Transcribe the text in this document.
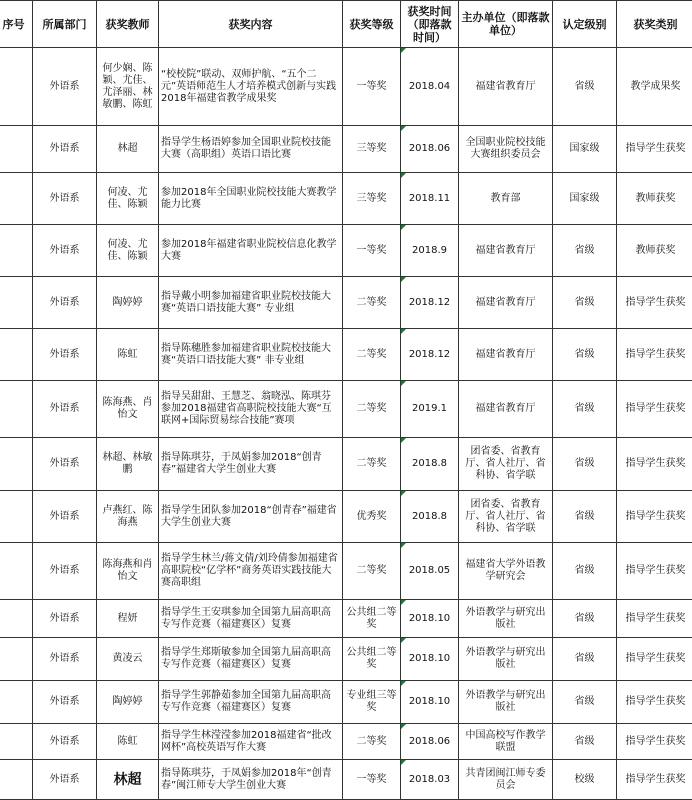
序号	所属部门	获奖教师	获奖内容	获奖等级	获奖时间（即落款时间）	主办单位（即落款单位）	认定级别	获奖类别
	外语系	何少娴、陈颖、尤佳、尤泽丽、林敏鹏、陈虹	“校校院”联动、双师护航、“五个二元”英语师范生人才培养模式创新与实践 2018年福建省教学成果奖	一等奖	2018.04	福建省教育厅	省级	教学成果奖
	外语系	林超	指导学生杨语婷参加全国职业院校技能大赛（高职组）英语口语比赛	三等奖	2018.06	全国职业院校技能大赛组织委员会	国家级	指导学生获奖
	外语系	何凌、尤佳、陈颖	参加2018年全国职业院校技能大赛教学能力比赛	三等奖	2018.11	教育部	国家级	教师获奖
	外语系	何凌、尤佳、陈颖	参加2018年福建省职业院校信息化教学大赛	一等奖	2018.9	福建省教育厅	省级	教师获奖
	外语系	陶婷婷	指导戴小明参加福建省职业院校技能大赛“英语口语技能大赛” 专业组	二等奖	2018.12	福建省教育厅	省级	指导学生获奖
	外语系	陈虹	指导陈穗胜参加福建省职业院校技能大赛“英语口语技能大赛” 非专业组	二等奖	2018.12	福建省教育厅	省级	指导学生获奖
	外语系	陈海燕、肖怡文	指导吴甜甜、王慧芝、翁晓泓、陈琪芬参加2018福建省高职院校技能大赛“互联网+国际贸易综合技能”赛项	二等奖	2019.1	福建省教育厅	省级	指导学生获奖
	外语系	林超、林敏鹏	指导陈琪芬，于凤娟参加2018“创青春”福建省大学生创业大赛	二等奖	2018.8	团省委、省教育厅、省人社厅、省科协、省学联	省级	指导学生获奖
	外语系	卢燕红、陈海燕	指导学生团队参加2018“创青春”福建省大学生创业大赛	优秀奖	2018.8	团省委、省教育厅、省人社厅、省科协、省学联	省级	指导学生获奖
	外语系	陈海燕和肖怡文	指导学生林兰/蒋文倩/刘玲倩参加福建省高职院校“亿学杯”商务英语实践技能大赛高职组	二等奖	2018.05	福建省大学外语教学研究会	省级	指导学生获奖
	外语系	程妍	指导学生王安琪参加全国第九届高职高专写作竞赛（福建赛区）复赛	公共组二等奖	2018.10	外语教学与研究出版社	省级	指导学生获奖
	外语系	黄凌云	指导学生郑斯敏参加全国第九届高职高专写作竞赛（福建赛区）复赛	公共组二等奖	2018.10	外语教学与研究出版社	省级	指导学生获奖
	外语系	陶婷婷	指导学生郭静茹参加全国第九届高职高专写作竞赛（福建赛区）复赛	专业组三等奖	2018.10	外语教学与研究出版社	省级	指导学生获奖
	外语系	陈虹	指导学生林滢滢参加2018福建省“批改网杯”高校英语写作大赛	二等奖	2018.06	中国高校写作教学联盟	省级	指导学生获奖
	外语系	林超	指导陈琪芬，于凤娟参加2018年“创青春”闽江师专大学生创业大赛	一等奖	2018.03	共青团闽江师专委员会	校级	指导学生获奖
